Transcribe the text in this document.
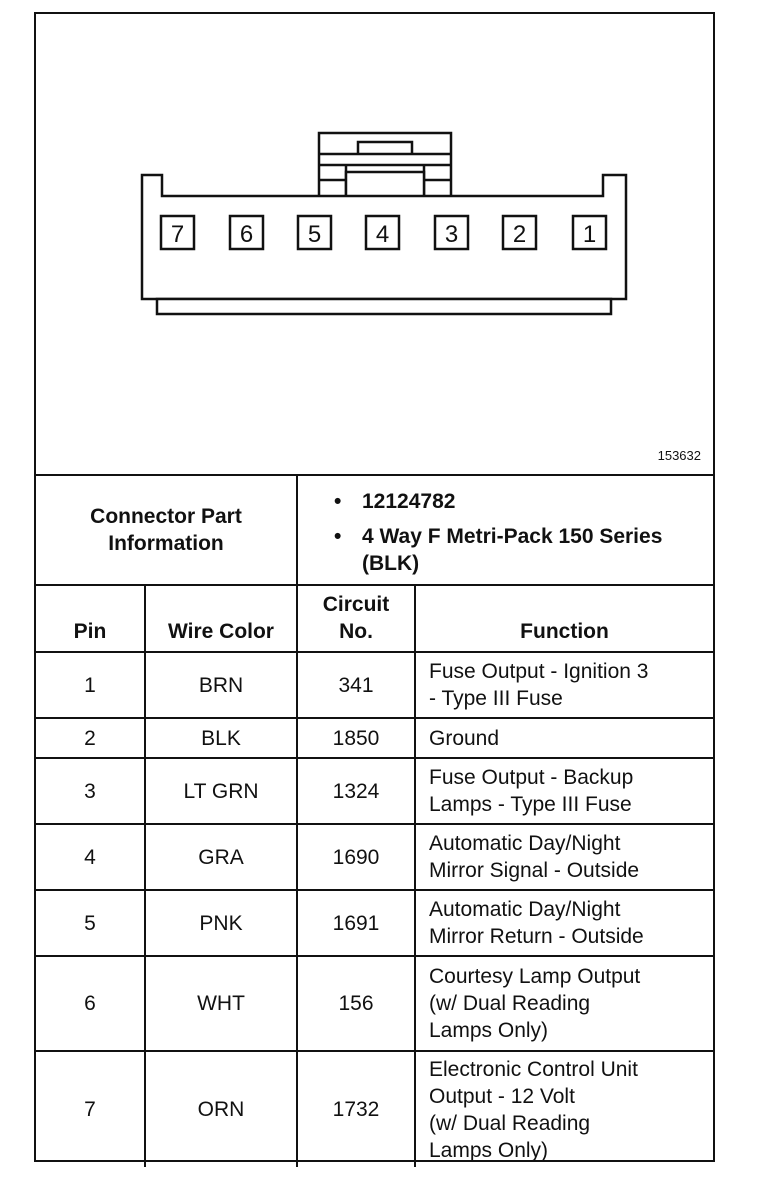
7 6 5 4 3 2 1
153632
Connector Part
Information
• 12124782
• 4 Way F Metri-Pack 150 Series (BLK)
Pin	Wire Color	Circuit No.	Function
1	BRN	341	Fuse Output - Ignition 3
- Type III Fuse

2	BLK	1850	Ground

3	LT GRN	1324	Fuse Output - Backup
Lamps - Type III Fuse

4	GRA	1690	Automatic Day/Night
Mirror Signal - Outside

5	PNK	1691	Automatic Day/Night
Mirror Return - Outside

6	WHT	156	Courtesy Lamp Output
(w/ Dual Reading
Lamps Only)

7	ORN	1732	Electronic Control Unit
Output - 12 Volt
(w/ Dual Reading
Lamps Only)
